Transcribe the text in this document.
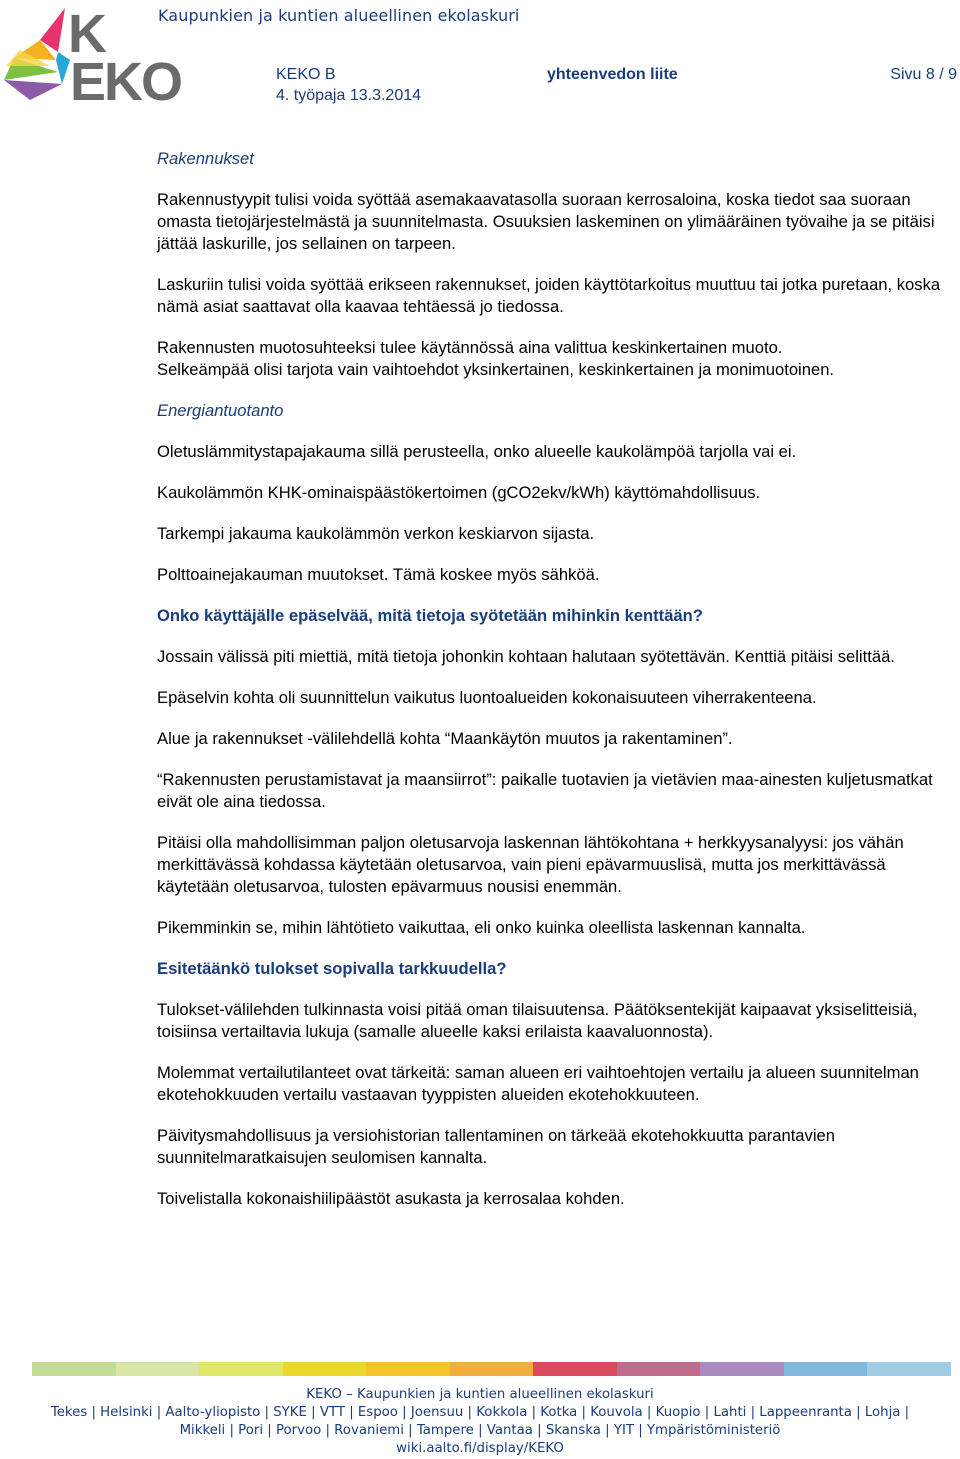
K
EKO
Kaupunkien ja kuntien alueellinen ekolaskuri
KEKO B	yhteenvedon liite	Sivu 8 / 9
4. työpaja 13.3.2014

Rakennukset

Rakennustyypit tulisi voida syöttää asemakaavatasolla suoraan kerrosaloina, koska tiedot saa suoraan omasta tietojärjestelmästä ja suunnitelmasta. Osuuksien laskeminen on ylimääräinen työvaihe ja se pitäisi jättää laskurille, jos sellainen on tarpeen.

Laskuriin tulisi voida syöttää erikseen rakennukset, joiden käyttötarkoitus muuttuu tai jotka puretaan, koska nämä asiat saattavat olla kaavaa tehtäessä jo tiedossa.

Rakennusten muotosuhteeksi tulee käytännössä aina valittua keskinkertainen muoto.

Selkeämpää olisi tarjota vain vaihtoehdot yksinkertainen, keskinkertainen ja monimuotoinen.

Energiantuotanto

Oletuslämmitystapajakauma sillä perusteella, onko alueelle kaukolämpöä tarjolla vai ei.

Kaukolämmön KHK-ominaispäästökertoimen (gCO2ekv/kWh) käyttömahdollisuus.

Tarkempi jakauma kaukolämmön verkon keskiarvon sijasta.

Polttoainejakauman muutokset. Tämä koskee myös sähköä.

Onko käyttäjälle epäselvää, mitä tietoja syötetään mihinkin kenttään?

Jossain välissä piti miettiä, mitä tietoja johonkin kohtaan halutaan syötettävän. Kenttiä pitäisi selittää.

Epäselvin kohta oli suunnittelun vaikutus luontoalueiden kokonaisuuteen viherrakenteena.

Alue ja rakennukset -välilehdellä kohta “Maankäytön muutos ja rakentaminen”.

“Rakennusten perustamistavat ja maansiirrot”: paikalle tuotavien ja vietävien maa-ainesten kuljetusmatkat eivät ole aina tiedossa.

Pitäisi olla mahdollisimman paljon oletusarvoja laskennan lähtökohtana + herkkyysanalyysi: jos vähän merkittävässä kohdassa käytetään oletusarvoa, vain pieni epävarmuuslisä, mutta jos merkittävässä käytetään oletusarvoa, tulosten epävarmuus nousisi enemmän.

Pikemminkin se, mihin lähtötieto vaikuttaa, eli onko kuinka oleellista laskennan kannalta.

Esitetäänkö tulokset sopivalla tarkkuudella?

Tulokset-välilehden tulkinnasta voisi pitää oman tilaisuutensa. Päätöksentekijät kaipaavat yksiselitteisiä, toisiinsa vertailtavia lukuja (samalle alueelle kaksi erilaista kaavaluonnosta).

Molemmat vertailutilanteet ovat tärkeitä: saman alueen eri vaihtoehtojen vertailu ja alueen suunnitelman ekotehokkuuden vertailu vastaavan tyyppisten alueiden ekotehokkuuteen.

Päivitysmahdollisuus ja versiohistorian tallentaminen on tärkeää ekotehokkuutta parantavien suunnitelmaratkaisujen seulomisen kannalta.

Toivelistalla kokonaishiilipäästöt asukasta ja kerrosalaa kohden.

KEKO – Kaupunkien ja kuntien alueellinen ekolaskuri
Tekes | Helsinki | Aalto-yliopisto | SYKE | VTT | Espoo | Joensuu | Kokkola | Kotka | Kouvola | Kuopio | Lahti | Lappeenranta | Lohja |
Mikkeli | Pori | Porvoo | Rovaniemi | Tampere | Vantaa | Skanska | YIT | Ympäristöministeriö
wiki.aalto.fi/display/KEKO
